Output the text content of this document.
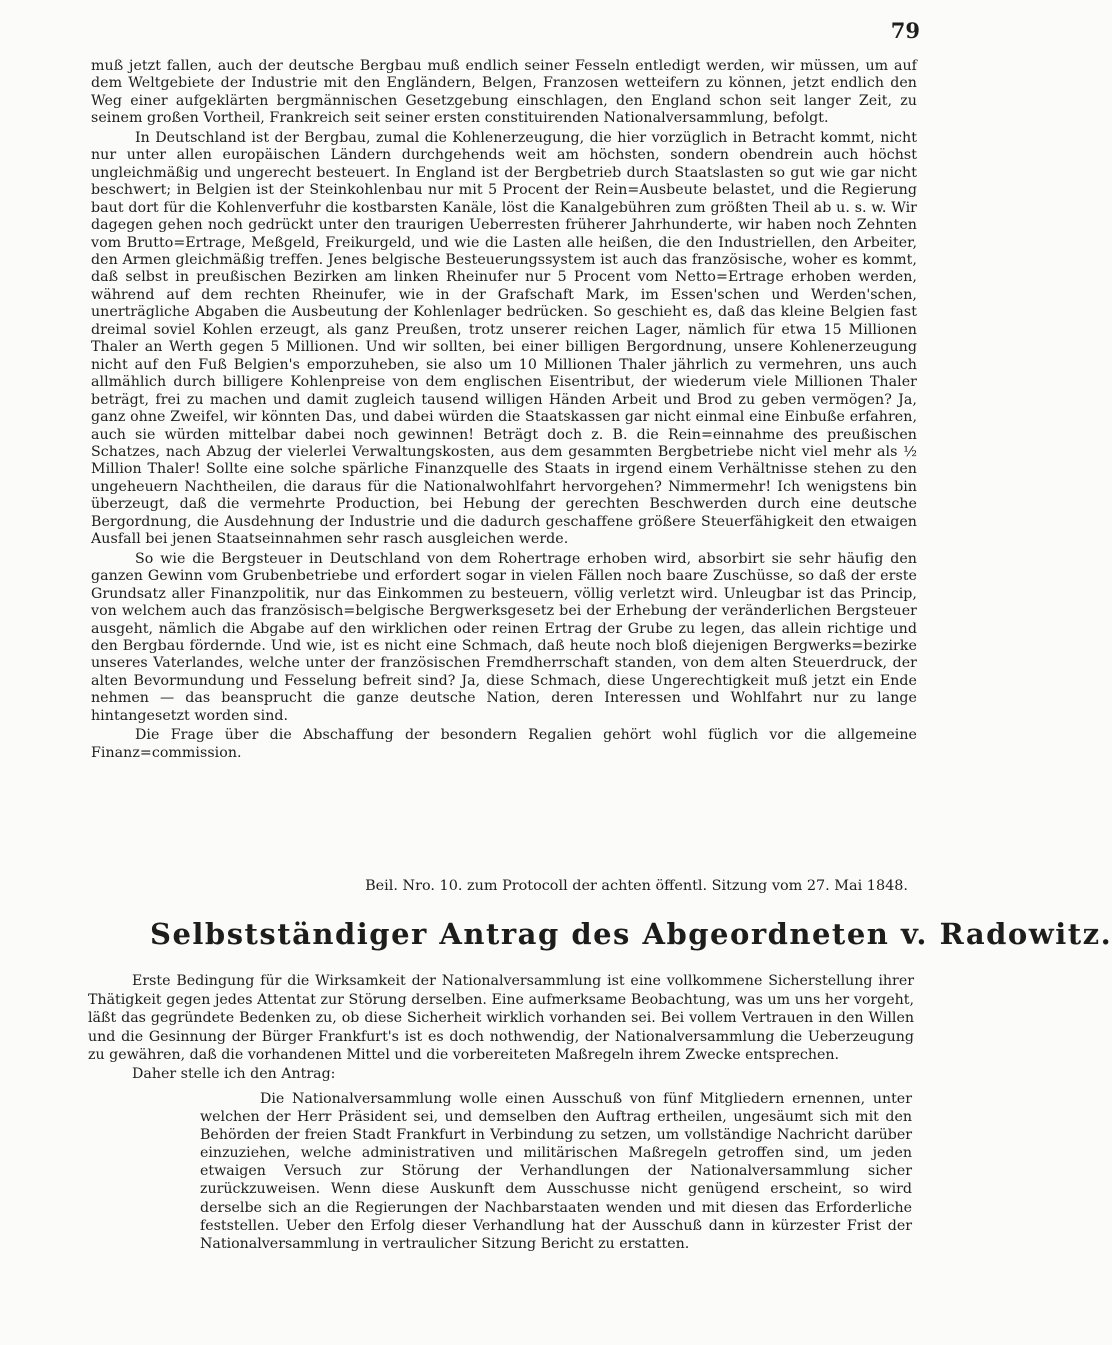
79

muß jetzt fallen, auch der deutsche Bergbau muß endlich seiner Fesseln entledigt werden, wir müssen, um auf dem Weltgebiete der Industrie mit den Engländern, Belgen, Franzosen wetteifern zu können, jetzt endlich den Weg einer aufgeklärten bergmännischen Gesetzgebung einschlagen, den England schon seit langer Zeit, zu seinem großen Vortheil, Frankreich seit seiner ersten constituirenden Nationalversammlung, befolgt.

In Deutschland ist der Bergbau, zumal die Kohlenerzeugung, die hier vorzüglich in Betracht kommt, nicht nur unter allen europäischen Ländern durchgehends weit am höchsten, sondern obendrein auch höchst ungleichmäßig und ungerecht besteuert. In England ist der Bergbetrieb durch Staatslasten so gut wie gar nicht beschwert; in Belgien ist der Steinkohlenbau nur mit 5 Procent der Rein=Ausbeute belastet, und die Regierung baut dort für die Kohlenverfuhr die kostbarsten Kanäle, löst die Kanalgebühren zum größten Theil ab u. s. w. Wir dagegen gehen noch gedrückt unter den traurigen Ueberresten früherer Jahrhunderte, wir haben noch Zehnten vom Brutto=Ertrage, Meßgeld, Freikurgeld, und wie die Lasten alle heißen, die den Industriellen, den Arbeiter, den Armen gleichmäßig treffen. Jenes belgische Besteuerungssystem ist auch das französische, woher es kommt, daß selbst in preußischen Bezirken am linken Rheinufer nur 5 Procent vom Netto=Ertrage erhoben werden, während auf dem rechten Rheinufer, wie in der Grafschaft Mark, im Essen'schen und Werden'schen, unerträgliche Abgaben die Ausbeutung der Kohlenlager bedrücken. So geschieht es, daß das kleine Belgien fast dreimal soviel Kohlen erzeugt, als ganz Preußen, trotz unserer reichen Lager, nämlich für etwa 15 Millionen Thaler an Werth gegen 5 Millionen. Und wir sollten, bei einer billigen Bergordnung, unsere Kohlenerzeugung nicht auf den Fuß Belgien's emporzuheben, sie also um 10 Millionen Thaler jährlich zu vermehren, uns auch allmählich durch billigere Kohlenpreise von dem englischen Eisentribut, der wiederum viele Millionen Thaler beträgt, frei zu machen und damit zugleich tausend willigen Händen Arbeit und Brod zu geben vermögen? Ja, ganz ohne Zweifel, wir könnten Das, und dabei würden die Staatskassen gar nicht einmal eine Einbuße erfahren, auch sie würden mittelbar dabei noch gewinnen! Beträgt doch z. B. die Rein=einnahme des preußischen Schatzes, nach Abzug der vielerlei Verwaltungskosten, aus dem gesammten Bergbetriebe nicht viel mehr als ½ Million Thaler! Sollte eine solche spärliche Finanzquelle des Staats in irgend einem Verhältnisse stehen zu den ungeheuern Nachtheilen, die daraus für die Nationalwohlfahrt hervorgehen? Nimmermehr! Ich wenigstens bin überzeugt, daß die vermehrte Production, bei Hebung der gerechten Beschwerden durch eine deutsche Bergordnung, die Ausdehnung der Industrie und die dadurch geschaffene größere Steuerfähigkeit den etwaigen Ausfall bei jenen Staatseinnahmen sehr rasch ausgleichen werde.

So wie die Bergsteuer in Deutschland von dem Rohertrage erhoben wird, absorbirt sie sehr häufig den ganzen Gewinn vom Grubenbetriebe und erfordert sogar in vielen Fällen noch baare Zuschüsse, so daß der erste Grundsatz aller Finanzpolitik, nur das Einkommen zu besteuern, völlig verletzt wird. Unleugbar ist das Princip, von welchem auch das französisch=belgische Bergwerksgesetz bei der Erhebung der veränderlichen Bergsteuer ausgeht, nämlich die Abgabe auf den wirklichen oder reinen Ertrag der Grube zu legen, das allein richtige und den Bergbau fördernde. Und wie, ist es nicht eine Schmach, daß heute noch bloß diejenigen Bergwerks=bezirke unseres Vaterlandes, welche unter der französischen Fremdherrschaft standen, von dem alten Steuerdruck, der alten Bevormundung und Fesselung befreit sind? Ja, diese Schmach, diese Ungerechtigkeit muß jetzt ein Ende nehmen — das beansprucht die ganze deutsche Nation, deren Interessen und Wohlfahrt nur zu lange hintangesetzt worden sind.

Die Frage über die Abschaffung der besondern Regalien gehört wohl füglich vor die allgemeine Finanz=commission.

Beil. Nro. 10. zum Protocoll der achten öffentl. Sitzung vom 27. Mai 1848.
Selbstständiger Antrag des Abgeordneten v. Radowitz.

Erste Bedingung für die Wirksamkeit der Nationalversammlung ist eine vollkommene Sicherstellung ihrer Thätigkeit gegen jedes Attentat zur Störung derselben. Eine aufmerksame Beobachtung, was um uns her vorgeht, läßt das gegründete Bedenken zu, ob diese Sicherheit wirklich vorhanden sei. Bei vollem Vertrauen in den Willen und die Gesinnung der Bürger Frankfurt's ist es doch nothwendig, der Nationalversammlung die Ueberzeugung zu gewähren, daß die vorhandenen Mittel und die vorbereiteten Maßregeln ihrem Zwecke entsprechen.

Daher stelle ich den Antrag:

Die Nationalversammlung wolle einen Ausschuß von fünf Mitgliedern ernennen, unter welchen der Herr Präsident sei, und demselben den Auftrag ertheilen, ungesäumt sich mit den Behörden der freien Stadt Frankfurt in Verbindung zu setzen, um vollständige Nachricht darüber einzuziehen, welche administrativen und militärischen Maßregeln getroffen sind, um jeden etwaigen Versuch zur Störung der Verhandlungen der Nationalversammlung sicher zurückzuweisen. Wenn diese Auskunft dem Ausschusse nicht genügend erscheint, so wird derselbe sich an die Regierungen der Nachbarstaaten wenden und mit diesen das Erforderliche feststellen. Ueber den Erfolg dieser Verhandlung hat der Ausschuß dann in kürzester Frist der Nationalversammlung in vertraulicher Sitzung Bericht zu erstatten.
